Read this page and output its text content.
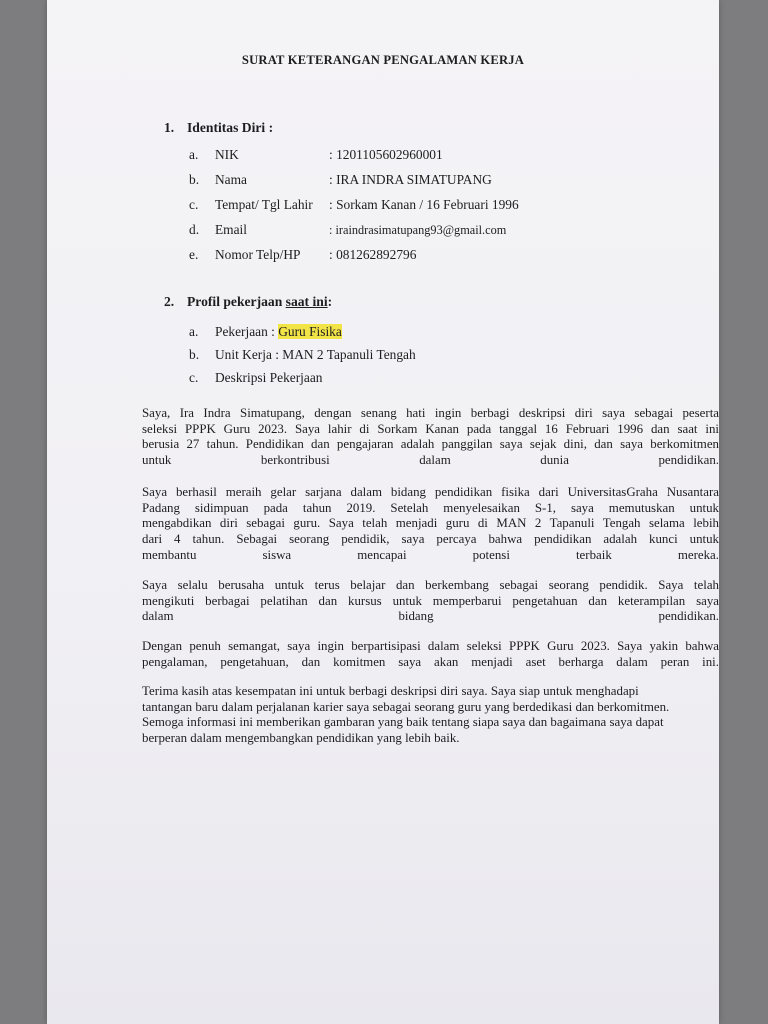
SURAT KETERANGAN PENGALAMAN KERJA
1. Identitas Diri :
a. NIK	: 1201105602960001
b. Nama	: IRA INDRA SIMATUPANG
c. Tempat/ Tgl Lahir : Sorkam Kanan / 16 Februari 1996
d. Email	: iraindrasimatupang93@gmail.com
e. Nomor Telp/HP : 081262892796
2. Profil pekerjaan saat ini:
a. Pekerjaan : Guru Fisika
b. Unit Kerja : MAN 2 Tapanuli Tengah
c. Deskripsi Pekerjaan
Saya, Ira Indra Simatupang, dengan senang hati ingin berbagi deskripsi diri saya sebagai peserta
seleksi PPPK Guru 2023. Saya lahir di Sorkam Kanan pada tanggal 16 Februari 1996 dan saat ini
berusia 27 tahun. Pendidikan dan pengajaran adalah panggilan saya sejak dini, dan saya berkomitmen
untuk berkontribusi dalam dunia pendidikan.
Saya berhasil meraih gelar sarjana dalam bidang pendidikan fisika dari UniversitasGraha Nusantara
Padang sidimpuan pada tahun 2019. Setelah menyelesaikan S-1, saya memutuskan untuk
mengabdikan diri sebagai guru. Saya telah menjadi guru di MAN 2 Tapanuli Tengah selama lebih
dari 4 tahun. Sebagai seorang pendidik, saya percaya bahwa pendidikan adalah kunci untuk
membantu siswa mencapai potensi terbaik mereka.
Saya selalu berusaha untuk terus belajar dan berkembang sebagai seorang pendidik. Saya telah
mengikuti berbagai pelatihan dan kursus untuk memperbarui pengetahuan dan keterampilan saya
dalam bidang pendidikan.
Dengan penuh semangat, saya ingin berpartisipasi dalam seleksi PPPK Guru 2023. Saya yakin bahwa
pengalaman, pengetahuan, dan komitmen saya akan menjadi aset berharga dalam peran ini.
Terima kasih atas kesempatan ini untuk berbagi deskripsi diri saya. Saya siap untuk menghadapi
tantangan baru dalam perjalanan karier saya sebagai seorang guru yang berdedikasi dan berkomitmen.
Semoga informasi ini memberikan gambaran yang baik tentang siapa saya dan bagaimana saya dapat
berperan dalam mengembangkan pendidikan yang lebih baik.
